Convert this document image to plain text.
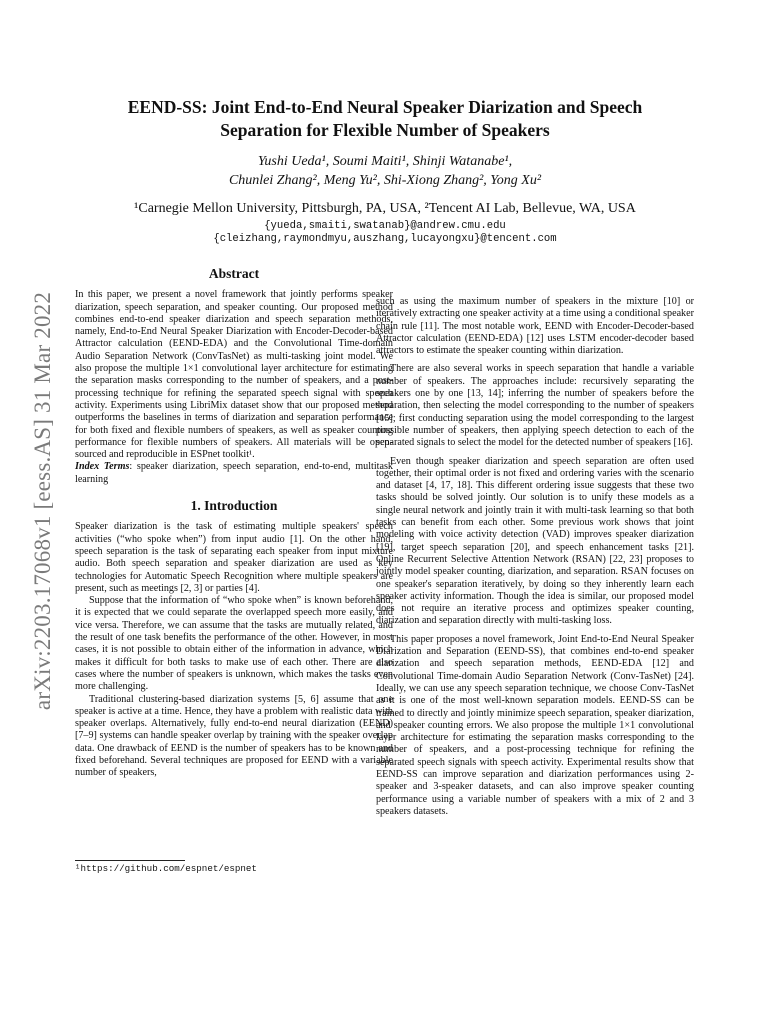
arXiv:2203.17068v1 [eess.AS] 31 Mar 2022
EEND-SS: Joint End-to-End Neural Speaker Diarization and Speech
Separation for Flexible Number of Speakers
Yushi Ueda¹, Soumi Maiti¹, Shinji Watanabe¹,
Chunlei Zhang², Meng Yu², Shi-Xiong Zhang², Yong Xu²
¹Carnegie Mellon University, Pittsburgh, PA, USA, ²Tencent AI Lab, Bellevue, WA, USA
{yueda,smaiti,swatanab}@andrew.cmu.edu
{cleizhang,raymondmyu,auszhang,lucayongxu}@tencent.com
Abstract

In this paper, we present a novel framework that jointly performs speaker diarization, speech separation, and speaker counting. Our proposed method combines end-to-end speaker diarization and speech separation methods, namely, End-to-End Neural Speaker Diarization with Encoder-Decoder-based Attractor calculation (EEND-EDA) and the Convolutional Time-domain Audio Separation Network (ConvTasNet) as multi-tasking joint model. We also propose the multiple 1×1 convolutional layer architecture for estimating the separation masks corresponding to the number of speakers, and a post-processing technique for refining the separated speech signal with speech activity. Experiments using LibriMix dataset show that our proposed method outperforms the baselines in terms of diarization and separation performance for both fixed and flexible numbers of speakers, as well as speaker counting performance for flexible numbers of speakers. All materials will be open-sourced and reproducible in ESPnet toolkit¹.

Index Terms: speaker diarization, speech separation, end-to-end, multitask learning

1. Introduction

Speaker diarization is the task of estimating multiple speakers' speech activities (“who spoke when”) from input audio [1]. On the other hand, speech separation is the task of separating each speaker from input mixture audio. Both speech separation and speaker diarization are used as key technologies for Automatic Speech Recognition where multiple speakers are present, such as meetings [2, 3] or parties [4].

Suppose that the information of “who spoke when” is known beforehand, it is expected that we could separate the overlapped speech more easily, and vice versa. Therefore, we can assume that the tasks are mutually related, and the result of one task benefits the performance of the other. However, in most cases, it is not possible to obtain either of the information in advance, which makes it difficult for both tasks to make use of each other. There are also cases where the number of speakers is unknown, which makes the tasks even more challenging.

Traditional clustering-based diarization systems [5, 6] assume that one speaker is active at a time. Hence, they have a problem with realistic data with speaker overlaps. Alternatively, fully end-to-end neural diarization (EEND) [7–9] systems can handle speaker overlap by training with the speaker overlap data. One drawback of EEND is the number of speakers has to be known and fixed beforehand. Several techniques are proposed for EEND with a variable number of speakers,

such as using the maximum number of speakers in the mixture [10] or iteratively extracting one speaker activity at a time using a conditional speaker chain rule [11]. The most notable work, EEND with Encoder-Decoder-based Attractor calculation (EEND-EDA) [12] uses LSTM encoder-decoder based attractors to estimate the speaker counting within diarization.

There are also several works in speech separation that handle a variable number of speakers. The approaches include: recursively separating the speakers one by one [13, 14]; inferring the number of speakers before the separation, then selecting the model corresponding to the number of speakers [15]; first conducting separation using the model corresponding to the largest possible number of speakers, then applying speech detection to each of the separated signals to select the model for the detected number of speakers [16].

Even though speaker diarization and speech separation are often used together, their optimal order is not fixed and ordering varies with the scenario and dataset [4, 17, 18]. This different ordering issue suggests that these two tasks should be solved jointly. Our solution is to unify these models as a single neural network and jointly train it with multi-task learning so that both tasks can benefit from each other. Some previous work shows that joint modeling with voice activity detection (VAD) improves speaker diarization [19], target speech separation [20], and speech enhancement tasks [21]. Online Recurrent Selective Attention Network (RSAN) [22, 23] proposes to jointly model speaker counting, diarization, and separation. RSAN focuses on one speaker's separation iteratively, by doing so they inherently learn each speaker activity information. Though the idea is similar, our proposed model does not require an iterative process and optimizes speaker counting, diarization and separation directly with multi-tasking loss.

This paper proposes a novel framework, Joint End-to-End Neural Speaker Diarization and Separation (EEND-SS), that combines end-to-end speaker diarization and speech separation methods, EEND-EDA [12] and Convolutional Time-domain Audio Separation Network (Conv-TasNet) [24]. Ideally, we can use any speech separation technique, we choose Conv-TasNet as it is one of the most well-known separation models. EEND-SS can be trained to directly and jointly minimize speech separation, speaker diarization, and speaker counting errors. We also propose the multiple 1×1 convolutional layer architecture for estimating the separation masks corresponding to the number of speakers, and a post-processing technique for refining the separated speech signals with speech activity. Experimental results show that EEND-SS can improve separation and diarization performances using 2-speaker and 3-speaker datasets, and can also improve speaker counting performance using a variable number of speakers with a mix of 2 and 3 speakers datasets.

¹https://github.com/espnet/espnet
